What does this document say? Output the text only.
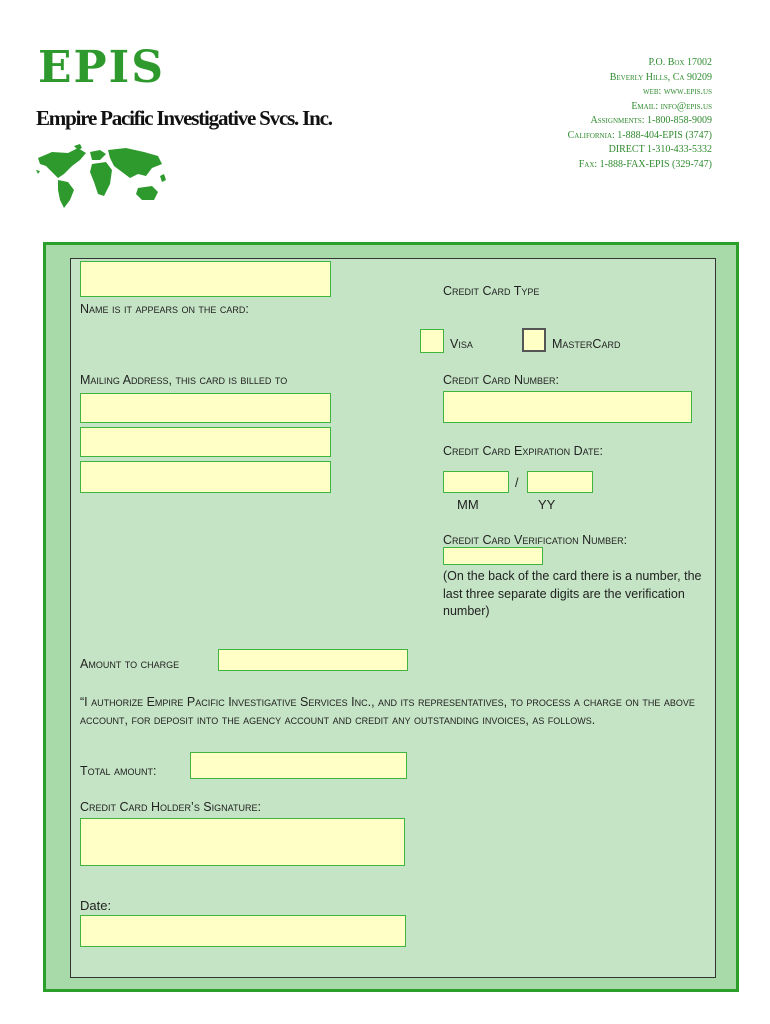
EPIS
Empire Pacific Investigative Svcs. Inc.
P.O. Box 17002
Beverly Hills, Ca 90209
web: www.epis.us
Email: info@epis.us
Assignments: 1-800-858-9009
California: 1-888-404-EPIS (3747)
DIRECT 1-310-433-5332
Fax: 1-888-FAX-EPIS (329-747)
Name is it appears on the card:
Mailing Address, this card is billed to
Credit Card Type
Visa	MasterCard
Credit Card Number:
Credit Card Expiration Date:
/
MM	YY
Credit Card Verification Number:
(On the back of the card there is a number, the last three separate digits are the verification number)
Amount to charge
“I authorize Empire Pacific Investigative Services Inc., and its representatives, to process a charge on the above account, for deposit into the agency account and credit any outstanding invoices, as follows.
Total amount:
Credit Card Holder’s Signature:
Date:
